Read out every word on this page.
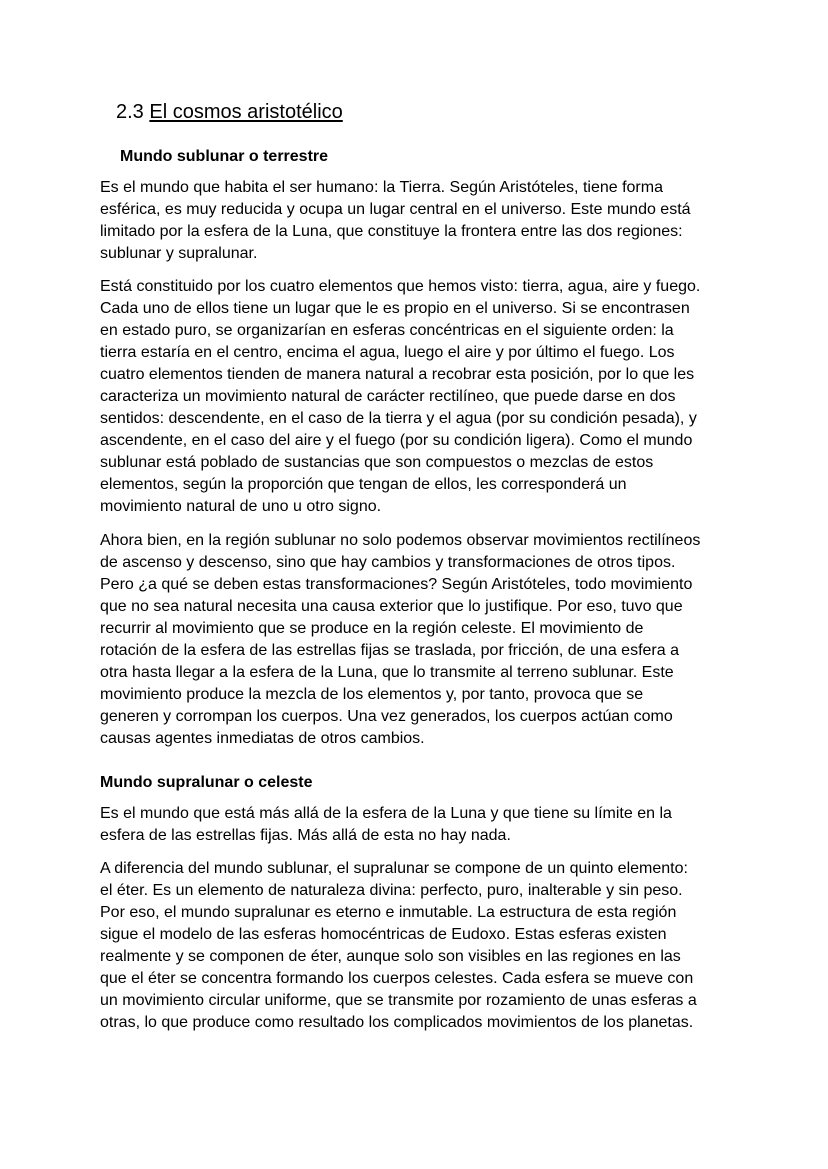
2.3 El cosmos aristotélico
Mundo sublunar o terrestre
Es el mundo que habita el ser humano: la Tierra. Según Aristóteles, tiene forma
esférica, es muy reducida y ocupa un lugar central en el universo. Este mundo está
limitado por la esfera de la Luna, que constituye la frontera entre las dos regiones:
sublunar y supralunar.
Está constituido por los cuatro elementos que hemos visto: tierra, agua, aire y fuego.
Cada uno de ellos tiene un lugar que le es propio en el universo. Si se encontrasen
en estado puro, se organizarían en esferas concéntricas en el siguiente orden: la
tierra estaría en el centro, encima el agua, luego el aire y por último el fuego. Los
cuatro elementos tienden de manera natural a recobrar esta posición, por lo que les
caracteriza un movimiento natural de carácter rectilíneo, que puede darse en dos
sentidos: descendente, en el caso de la tierra y el agua (por su condición pesada), y
ascendente, en el caso del aire y el fuego (por su condición ligera). Como el mundo
sublunar está poblado de sustancias que son compuestos o mezclas de estos
elementos, según la proporción que tengan de ellos, les corresponderá un
movimiento natural de uno u otro signo.
Ahora bien, en la región sublunar no solo podemos observar movimientos rectilíneos
de ascenso y descenso, sino que hay cambios y transformaciones de otros tipos.
Pero ¿a qué se deben estas transformaciones? Según Aristóteles, todo movimiento
que no sea natural necesita una causa exterior que lo justifique. Por eso, tuvo que
recurrir al movimiento que se produce en la región celeste. El movimiento de
rotación de la esfera de las estrellas fijas se traslada, por fricción, de una esfera a
otra hasta llegar a la esfera de la Luna, que lo transmite al terreno sublunar. Este
movimiento produce la mezcla de los elementos y, por tanto, provoca que se
generen y corrompan los cuerpos. Una vez generados, los cuerpos actúan como
causas agentes inmediatas de otros cambios.
Mundo supralunar o celeste
Es el mundo que está más allá de la esfera de la Luna y que tiene su límite en la
esfera de las estrellas fijas. Más allá de esta no hay nada.
A diferencia del mundo sublunar, el supralunar se compone de un quinto elemento:
el éter. Es un elemento de naturaleza divina: perfecto, puro, inalterable y sin peso.
Por eso, el mundo supralunar es eterno e inmutable. La estructura de esta región
sigue el modelo de las esferas homocéntricas de Eudoxo. Estas esferas existen
realmente y se componen de éter, aunque solo son visibles en las regiones en las
que el éter se concentra formando los cuerpos celestes. Cada esfera se mueve con
un movimiento circular uniforme, que se transmite por rozamiento de unas esferas a
otras, lo que produce como resultado los complicados movimientos de los planetas.
